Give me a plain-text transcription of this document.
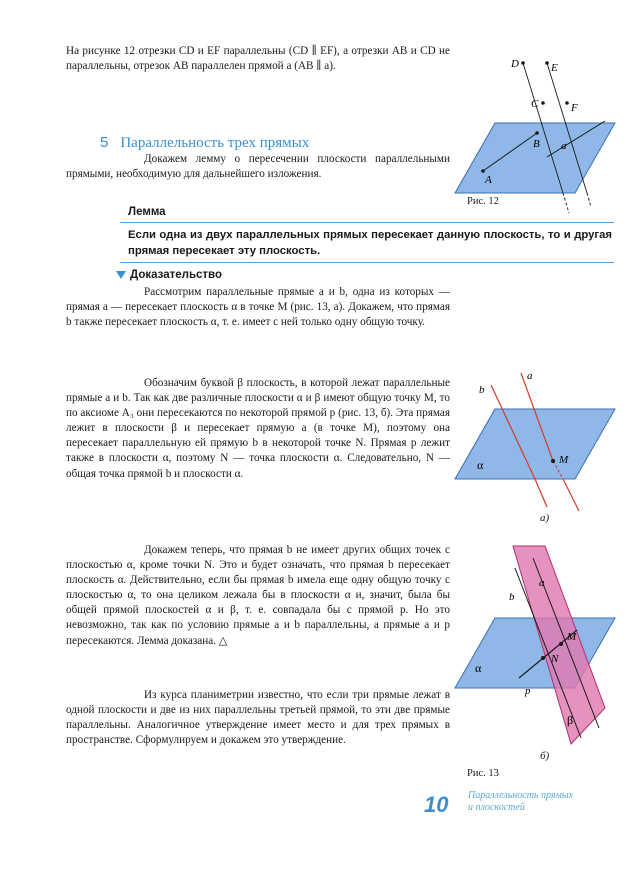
На рисунке 12 отрезки CD и EF параллельны (CD ∥ EF), а отрезки AB и CD не параллельны, отрезок AB параллелен прямой a (AB ∥ a).

5 Параллельность трех прямых

Докажем лемму о пересечении плоскости параллельными прямыми, необходимую для дальнейшего изложения.

Лемма
Если одна из двух параллельных прямых пересекает данную плоскость, то и другая прямая пересекает эту плоскость.
Доказательство

Рассмотрим параллельные прямые a и b, одна из которых — прямая a — пересекает плоскость α в точке M (рис. 13, а). Докажем, что прямая b также пересекает плоскость α, т. е. имеет с ней только одну общую точку.

Обозначим буквой β плоскость, в которой лежат параллельные прямые a и b. Так как две различные плоскости α и β имеют общую точку M, то по аксиоме A₃ они пересекаются по некоторой прямой p (рис. 13, б). Эта прямая лежит в плоскости β и пересекает прямую a (в точке M), поэтому она пересекает параллельную ей прямую b в некоторой точке N. Прямая p лежит также в плоскости α, поэтому N — точка плоскости α. Следовательно, N — общая точка прямой b и плоскости α.

Докажем теперь, что прямая b не имеет других общих точек с плоскостью α, кроме точки N. Это и будет означать, что прямая b пересекает плоскость α. Действительно, если бы прямая b имела еще одну общую точку с плоскостью α, то она целиком лежала бы в плоскости α и, значит, была бы общей прямой плоскостей α и β, т. е. совпадала бы с прямой p. Но это невозможно, так как по условию прямые a и b параллельны, а прямые a и p пересекаются. Лемма доказана. △

Из курса планиметрии известно, что если три прямые лежат в одной плоскости и две из них параллельны третьей прямой, то эти две прямые параллельны. Аналогичное утверждение имеет место и для трех прямых в пространстве. Сформулируем и докажем это утверждение.

D	E
C	F
B a
A
Рис. 12
b
a
M
α
а)
b
a
M
N
p
α
β
б)
Рис. 13
10 Параллельность прямых
и плоскостей
